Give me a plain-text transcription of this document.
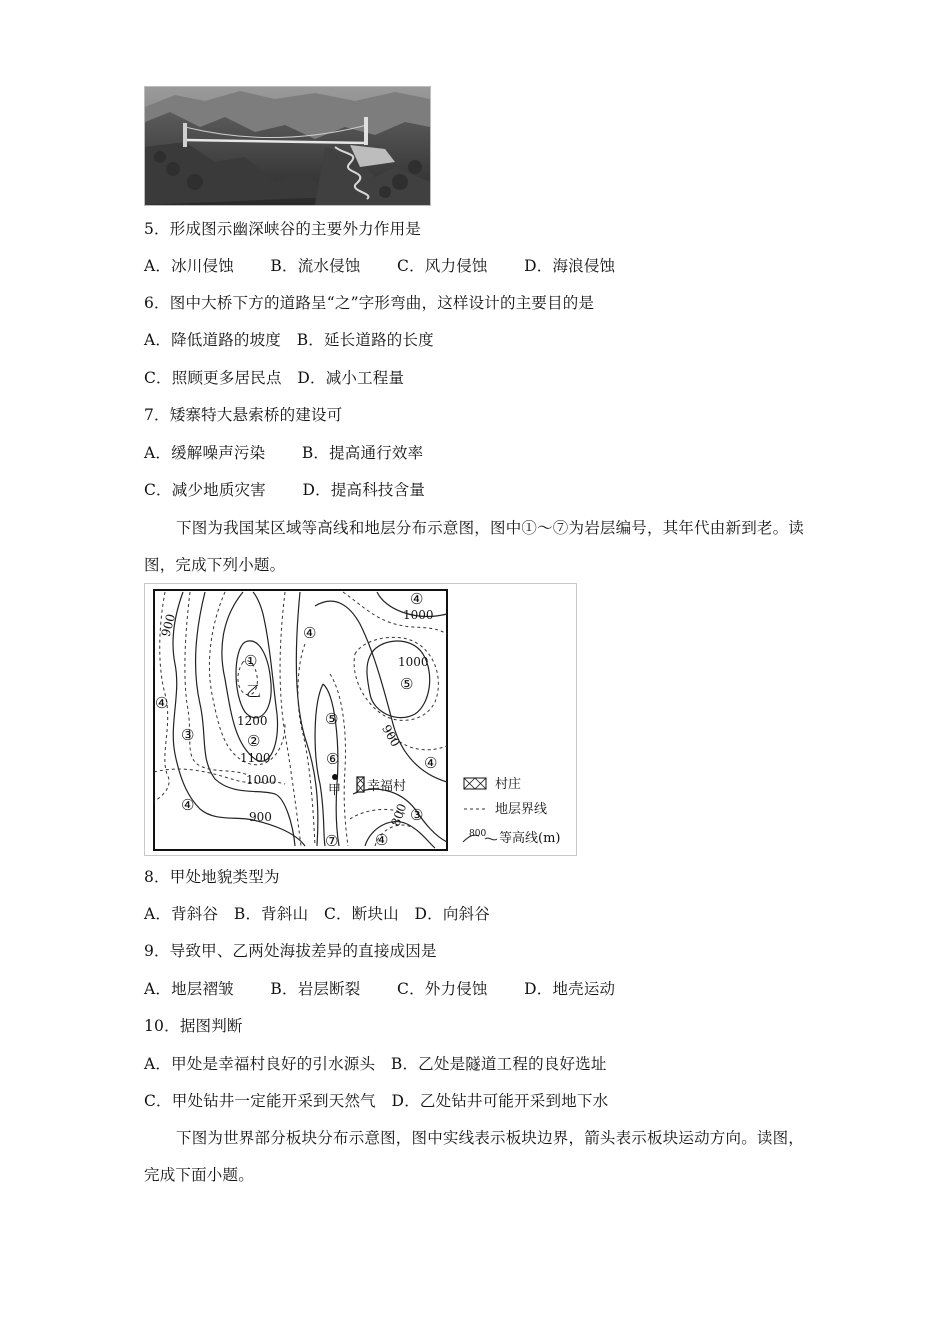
5．形成图示幽深峡谷的主要外力作用是
A．冰川侵蚀　　 B．流水侵蚀　　 C．风力侵蚀　　 D．海浪侵蚀
6．图中大桥下方的道路呈“之”字形弯曲，这样设计的主要目的是
A．降低道路的坡度　B．延长道路的长度
C．照顾更多居民点　D．减小工程量
7．矮寨特大悬索桥的建设可
A．缓解噪声污染　　 B．提高通行效率
C．减少地质灾害　　 D．提高科技含量
下图为我国某区域等高线和地层分布示意图，图中①～⑦为岩层编号，其年代由新到老。读图，完成下列小题。
900
1200
1100
1000
900
1000
1000
900
800
①
②
③
④
④
④
④
④
④
⑤
⑤
⑥
⑦
③
乙
甲 幸福村	村庄
地层界线
800 等高线(m)
8．甲处地貌类型为
A．背斜谷　B．背斜山　C．断块山　D．向斜谷
9．导致甲、乙两处海拔差异的直接成因是
A．地层褶皱　　 B．岩层断裂　　 C．外力侵蚀　　 D．地壳运动
10．据图判断
A．甲处是幸福村良好的引水源头　B．乙处是隧道工程的良好选址
C．甲处钻井一定能开采到天然气　D．乙处钻井可能开采到地下水
下图为世界部分板块分布示意图，图中实线表示板块边界，箭头表示板块运动方向。读图，完成下面小题。
